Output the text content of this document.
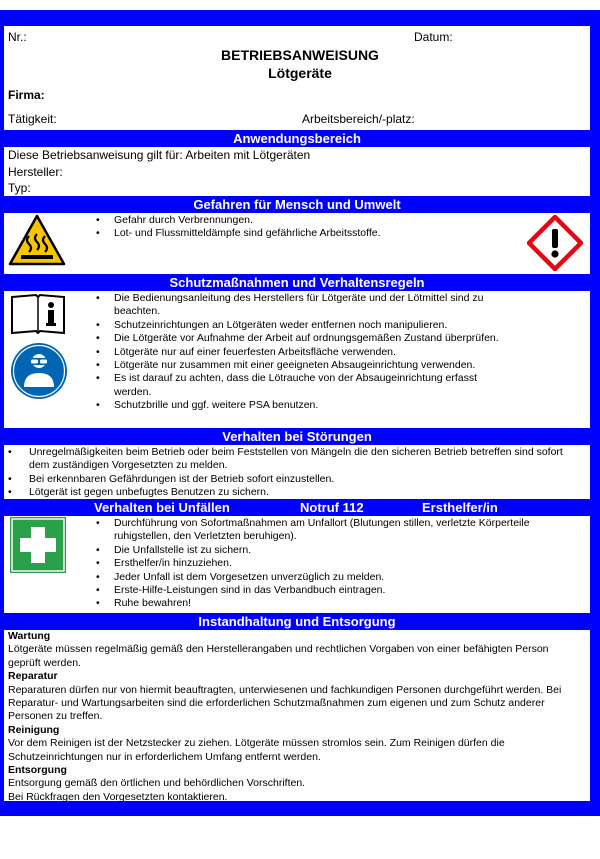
Nr.:	Datum:
BETRIEBSANWEISUNG
Lötgeräte
Firma:
Tätigkeit:	Arbeitsbereich/-platz:
Anwendungsbereich
Diese Betriebsanweisung gilt für: Arbeiten mit Lötgeräten
Hersteller:
Typ:
Gefahren für Mensch und Umwelt
• Gefahr durch Verbrennungen.
• Lot- und Flussmitteldämpfe sind gefährliche Arbeitsstoffe.
Schutzmaßnahmen und Verhaltensregeln
• Die Bedienungsanleitung des Herstellers für Lötgeräte und der Lötmittel sind zu beachten.
• Schutzeinrichtungen an Lötgeräten weder entfernen noch manipulieren.
• Die Lötgeräte vor Aufnahme der Arbeit auf ordnungsgemäßen Zustand überprüfen.
• Lötgeräte nur auf einer feuerfesten Arbeitsfläche verwenden.
• Lötgeräte nur zusammen mit einer geeigneten Absaugeinrichtung verwenden.
• Es ist darauf zu achten, dass die Lötrauche von der Absaugeinrichtung erfasst werden.
• Schutzbrille und ggf. weitere PSA benutzen.
Verhalten bei Störungen
• Unregelmäßigkeiten beim Betrieb oder beim Feststellen von Mängeln die den sicheren Betrieb betreffen sind sofort dem zuständigen Vorgesetzten zu melden.
• Bei erkennbaren Gefährdungen ist der Betrieb sofort einzustellen.
• Lötgerät ist gegen unbefugtes Benutzen zu sichern.
Verhalten bei Unfällen	Notruf 112	Ersthelfer/in
• Durchführung von Sofortmaßnahmen am Unfallort (Blutungen stillen, verletzte Körperteile ruhigstellen, den Verletzten beruhigen).
• Die Unfallstelle ist zu sichern.
• Ersthelfer/in hinzuziehen.
• Jeder Unfall ist dem Vorgesetzen unverzüglich zu melden.
• Erste-Hilfe-Leistungen sind in das Verbandbuch eintragen.
• Ruhe bewahren!
Instandhaltung und Entsorgung
Wartung
Lötgeräte müssen regelmäßig gemäß den Herstellerangaben und rechtlichen Vorgaben von einer befähigten Person geprüft werden.
Reparatur
Reparaturen dürfen nur von hiermit beauftragten, unterwiesenen und fachkundigen Personen durchgeführt werden. Bei Reparatur- und Wartungsarbeiten sind die erforderlichen Schutzmaßnahmen zum eigenen und zum Schutz anderer Personen zu treffen.
Reinigung
Vor dem Reinigen ist der Netzstecker zu ziehen. Lötgeräte müssen stromlos sein. Zum Reinigen dürfen die Schutzeinrichtungen nur in erforderlichem Umfang entfernt werden.
Entsorgung
Entsorgung gemäß den örtlichen und behördlichen Vorschriften.
Bei Rückfragen den Vorgesetzten kontaktieren.
